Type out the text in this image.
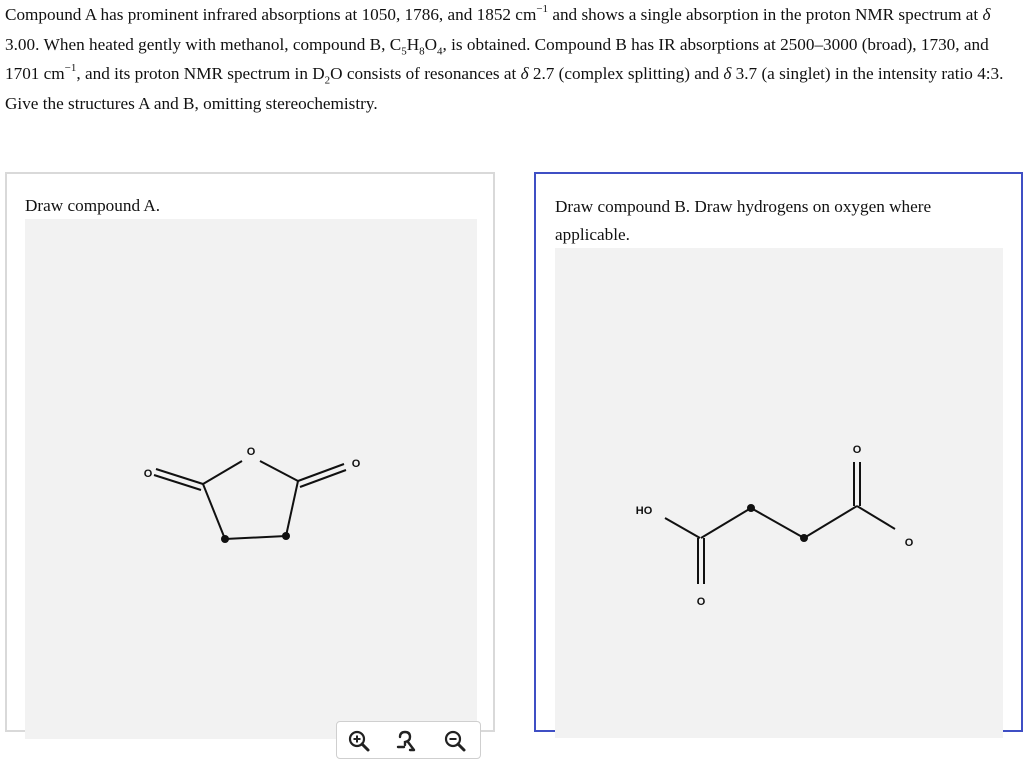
Compound A has prominent infrared absorptions at 1050, 1786, and 1852 $cm^{-1}$ and shows a single absorption in the proton NMR spectrum at δ 3.00. When heated gently with methanol, compound B, $C_5H_8O_4$, is obtained. Compound B has IR absorptions at 2500–3000 (broad), 1730, and 1701 $cm^{-1}$, and its proton NMR spectrum in $D_2O$ consists of resonances at δ 2.7 (complex splitting) and δ 3.7 (a singlet) in the intensity ratio 4:3. Give the structures A and B, omitting stereochemistry.

Draw compound A.
O
O
O
Draw compound B. Draw hydrogens on oxygen where applicable.
HO
O
O
O
